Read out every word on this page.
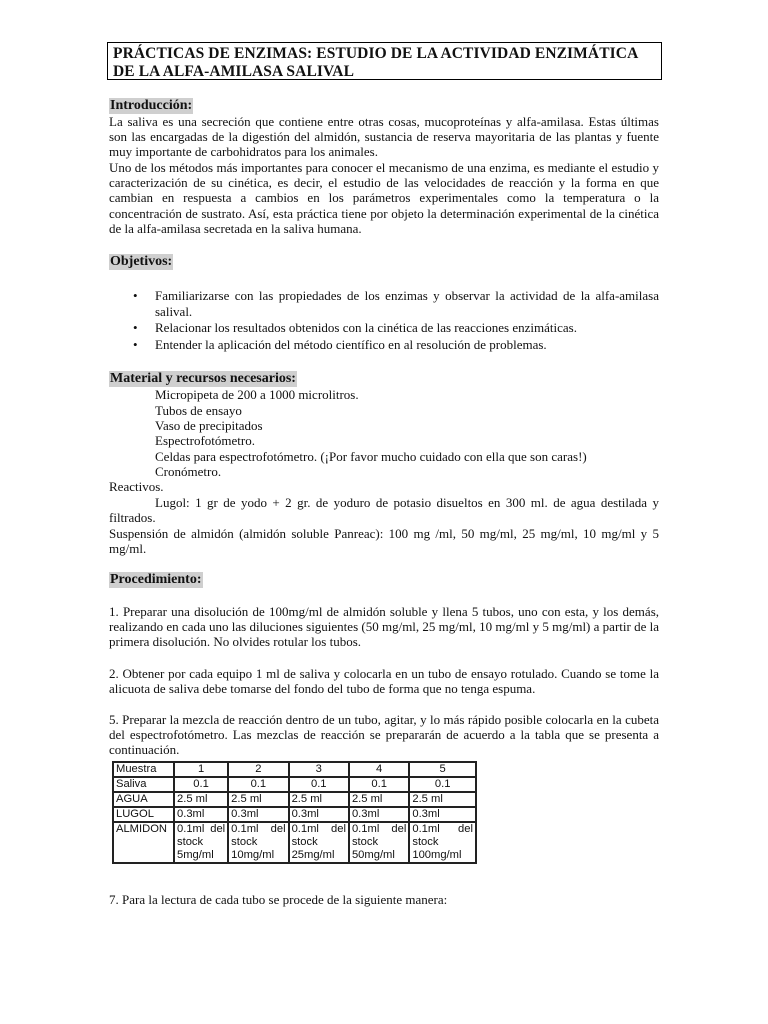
PRÁCTICAS DE ENZIMAS: ESTUDIO DE LA ACTIVIDAD ENZIMÁTICA DE LA ALFA-AMILASA SALIVAL
Introducción:

La saliva es una secreción que contiene entre otras cosas, mucoproteínas y alfa-amilasa. Estas últimas son las encargadas de la digestión del almidón, sustancia de reserva mayoritaria de las plantas y fuente muy importante de carbohidratos para los animales.

Uno de los métodos más importantes para conocer el mecanismo de una enzima, es mediante el estudio y caracterización de su cinética, es decir, el estudio de las velocidades de reacción y la forma en que cambian en respuesta a cambios en los parámetros experimentales como la temperatura o la concentración de sustrato. Así, esta práctica tiene por objeto la determinación experimental de la cinética de la alfa-amilasa secretada en la saliva humana.

Objetivos:
• Familiarizarse con las propiedades de los enzimas y observar la actividad de la alfa-amilasa salival.
• Relacionar los resultados obtenidos con la cinética de las reacciones enzimáticas.
• Entender la aplicación del método científico en al resolución de problemas.
Material y recursos necesarios:
Micropipeta de 200 a 1000 microlitros.
Tubos de ensayo
Vaso de precipitados
Espectrofotómetro.
Celdas para espectrofotómetro. (¡Por favor mucho cuidado con ella que son caras!)
Cronómetro.
Reactivos.

Lugol: 1 gr de yodo + 2 gr. de yoduro de potasio disueltos en 300 ml. de agua destilada y filtrados.

Suspensión de almidón (almidón soluble Panreac): 100 mg /ml, 50 mg/ml, 25 mg/ml, 10 mg/ml y 5 mg/ml.

Procedimiento:

1. Preparar una disolución de 100mg/ml de almidón soluble y llena 5 tubos, uno con esta, y los demás, realizando en cada uno las diluciones siguientes (50 mg/ml, 25 mg/ml, 10 mg/ml y 5 mg/ml) a partir de la primera disolución. No olvides rotular los tubos.

2. Obtener por cada equipo 1 ml de saliva y colocarla en un tubo de ensayo rotulado. Cuando se tome la alicuota de saliva debe tomarse del fondo del tubo de forma que no tenga espuma.

5. Preparar la mezcla de reacción dentro de un tubo, agitar, y lo más rápido posible colocarla en la cubeta del espectrofotómetro. Las mezclas de reacción se prepararán de acuerdo a la tabla que se presenta a continuación.

Muestra	1	2	3	4	5
Saliva	0.1	0.1	0.1	0.1	0.1
AGUA	2.5 ml	2.5 ml	2.5 ml	2.5 ml	2.5 ml
LUGOL	0.3ml	0.3ml	0.3ml	0.3ml	0.3ml
ALMIDON	0.1ml del stock 5mg/ml	0.1ml del stock 10mg/ml	0.1ml del stock 25mg/ml	0.1ml del stock 50mg/ml	0.1ml del stock 100mg/ml

7. Para la lectura de cada tubo se procede de la siguiente manera:
